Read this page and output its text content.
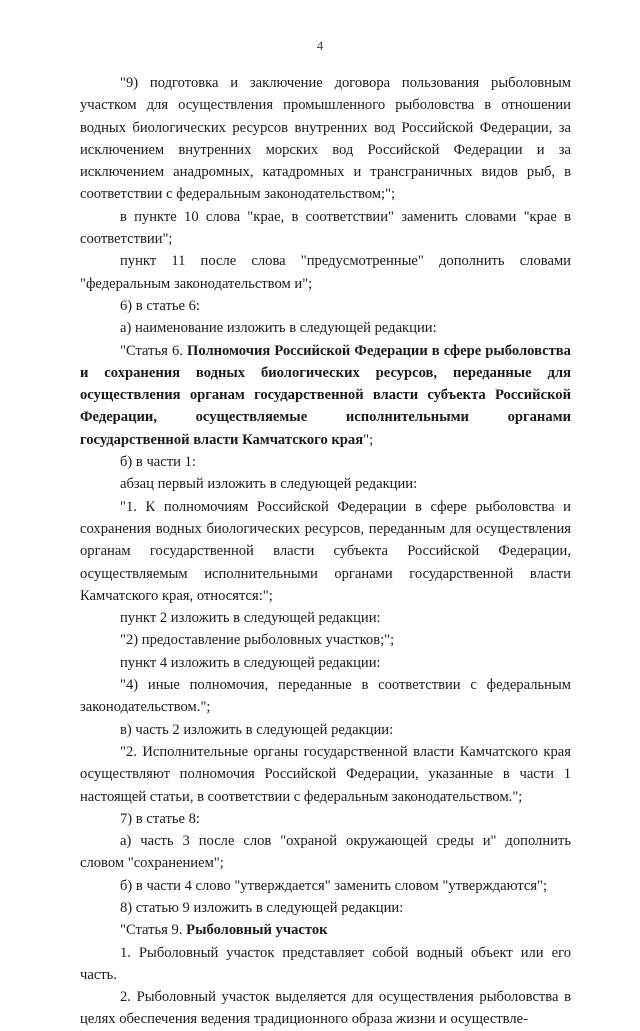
4

"9) подготовка и заключение договора пользования рыболовным участком для осуществления промышленного рыболовства в отношении водных биологических ресурсов внутренних вод Российской Федерации, за исключением внутренних морских вод Российской Федерации и за исключением анадромных, катадромных и трансграничных видов рыб, в соответствии с федеральным законодательством;";

в пункте 10 слова "крае, в соответствии" заменить словами "крае в соответствии";

пункт 11 после слова "предусмотренные" дополнить словами "федеральным законодательством и";

6) в статье 6:

а) наименование изложить в следующей редакции:

"Статья 6. Полномочия Российской Федерации в сфере рыболовства и сохранения водных биологических ресурсов, переданные для осуществления органам государственной власти субъекта Российской Федерации, осуществляемые исполнительными органами государственной власти Камчатского края";

б) в части 1:

абзац первый изложить в следующей редакции:

"1. К полномочиям Российской Федерации в сфере рыболовства и сохранения водных биологических ресурсов, переданным для осуществления органам государственной власти субъекта Российской Федерации, осуществляемым исполнительными органами государственной власти Камчатского края, относятся:";

пункт 2 изложить в следующей редакции:

"2) предоставление рыболовных участков;";

пункт 4 изложить в следующей редакции:

"4) иные полномочия, переданные в соответствии с федеральным законодательством.";

в) часть 2 изложить в следующей редакции:

"2. Исполнительные органы государственной власти Камчатского края осуществляют полномочия Российской Федерации, указанные в части 1 настоящей статьи, в соответствии с федеральным законодательством.";

7) в статье 8:

а) часть 3 после слов "охраной окружающей среды и" дополнить словом "сохранением";

б) в части 4 слово "утверждается" заменить словом "утверждаются";

8) статью 9 изложить в следующей редакции:

"Статья 9. Рыболовный участок

1. Рыболовный участок представляет собой водный объект или его часть.

2. Рыболовный участок выделяется для осуществления рыболовства в целях обеспечения ведения традиционного образа жизни и осуществле-
